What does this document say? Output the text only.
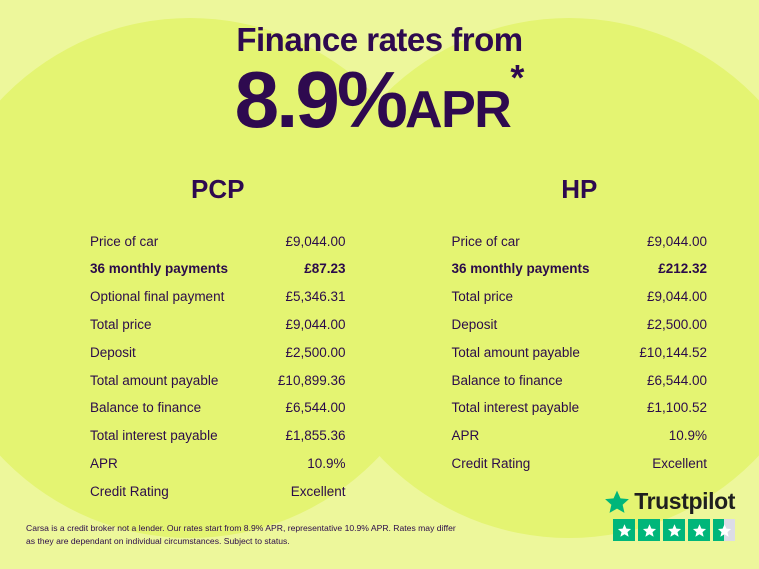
Finance rates from
8.9%APR*
PCP
Price of car	£9,044.00
36 monthly payments	£87.23
Optional final payment	£5,346.31
Total price	£9,044.00
Deposit	£2,500.00
Total amount payable	£10,899.36
Balance to finance	£6,544.00
Total interest payable	£1,855.36
APR	10.9%
Credit Rating	Excellent
HP
Price of car	£9,044.00
36 monthly payments	£212.32
Total price	£9,044.00
Deposit	£2,500.00
Total amount payable	£10,144.52
Balance to finance	£6,544.00
Total interest payable	£1,100.52
APR	10.9%
Credit Rating	Excellent
Carsa is a credit broker not a lender. Our rates start from 8.9% APR, representative 10.9% APR. Rates may differ as they are dependant on individual circumstances. Subject to status.
Trustpilot
